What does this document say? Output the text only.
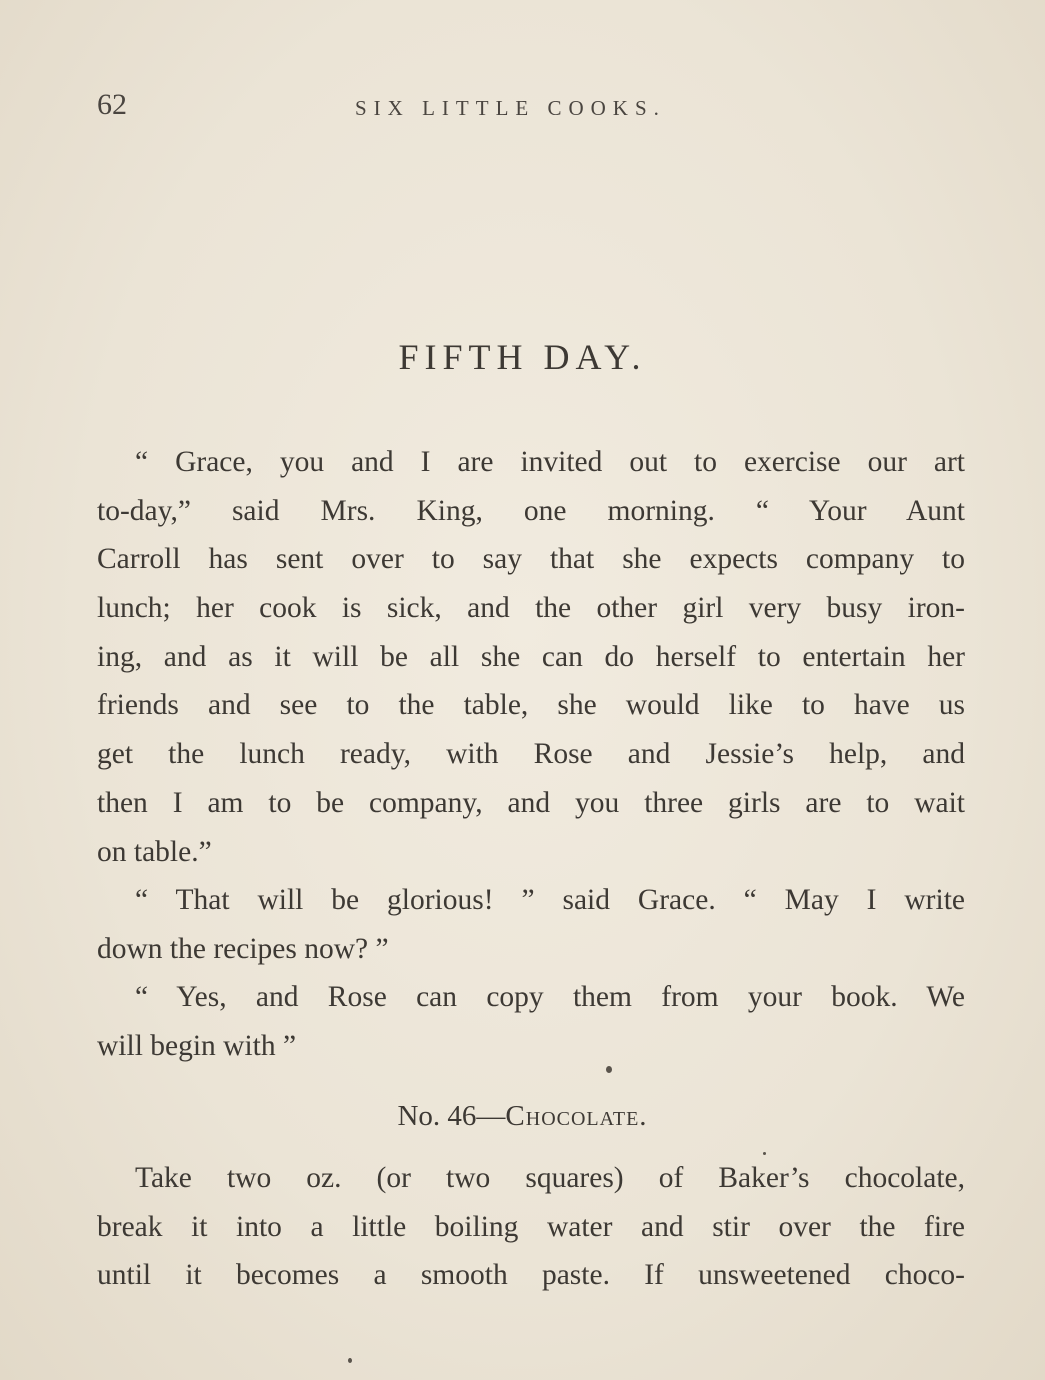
62	SIX LITTLE COOKS.
FIFTH DAY.
“ Grace, you and I are invited out to exercise our art
to-day,” said Mrs. King, one morning. “ Your Aunt
Carroll has sent over to say that she expects company to
lunch; her cook is sick, and the other girl very busy iron-
ing, and as it will be all she can do herself to entertain her
friends and see to the table, she would like to have us
get the lunch ready, with Rose and Jessie’s help, and
then I am to be company, and you three girls are to wait
on table.”
“ That will be glorious! ” said Grace. “ May I write
down the recipes now? ”
“ Yes, and Rose can copy them from your book. We
will begin with ”
No. 46—Chocolate.
Take two oz. (or two squares) of Baker’s chocolate,
break it into a little boiling water and stir over the fire
until it becomes a smooth paste. If unsweetened choco-
